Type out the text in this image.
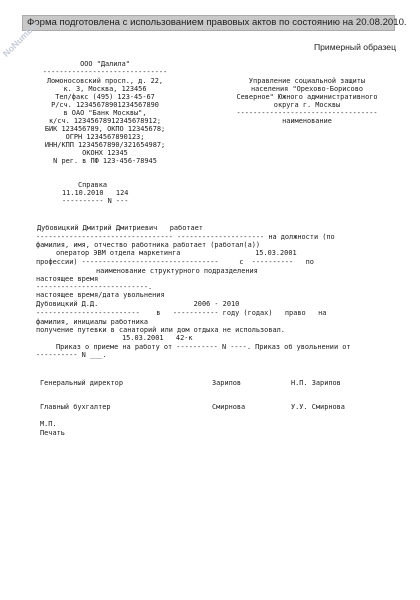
Форма подготовлена с использованием правовых актов по состоянию на 20.08.2010.
NoNumber	Примерный образец
ООО "Далила"
------------------------------
Ломоносовский просп., д. 22,
к. 3, Москва, 123456
Тел/факс (495) 123-45-67
Р/сч. 12345678901234567890
в ОАО "Банк Москвы",
к/сч. 12345678912345678912;
БИК 123456789, ОКПО 12345678;
ОГРН 1234567890123;
ИНН/КПП 1234567890/321654987;
ОКОНХ 12345
N рег. в ПФ 123-456-78945
Управление социальной защиты
населения "Орехово-Борисово
Северное" Южного административного
округа г. Москвы
----------------------------------
наименование
Справка
11.10.2010   124
---------- N ---
Дубовицкий Дмитрий Дмитриевич   работает
--------------------------------- --------------------- на должности (по
фамилия, имя, отчество работника работает (работал(а))
оператор ЭВМ отдела маркетинга                  15.03.2001
профессии) ---------------------------------     с  ----------   по
наименование структурного подразделения
настоящее время
---------------------------.
настоящее время/дата увольнения
Дубовицкий Д.Д.                       2006 - 2010
-------------------------    в   ----------- году (годах)   право   на
фамилия, инициалы работника
получение путевки в санаторий или дом отдыха не использовал.
15.03.2001   42-к
Приказ о приеме на работу от ---------- N ----. Приказ об увольнении от
---------- N ___.
Генеральный директор	Зарипов	Н.П. Зарипов
Главный бухгалтер	Смирнова	У.У. Смирнова
М.П.
Печать
